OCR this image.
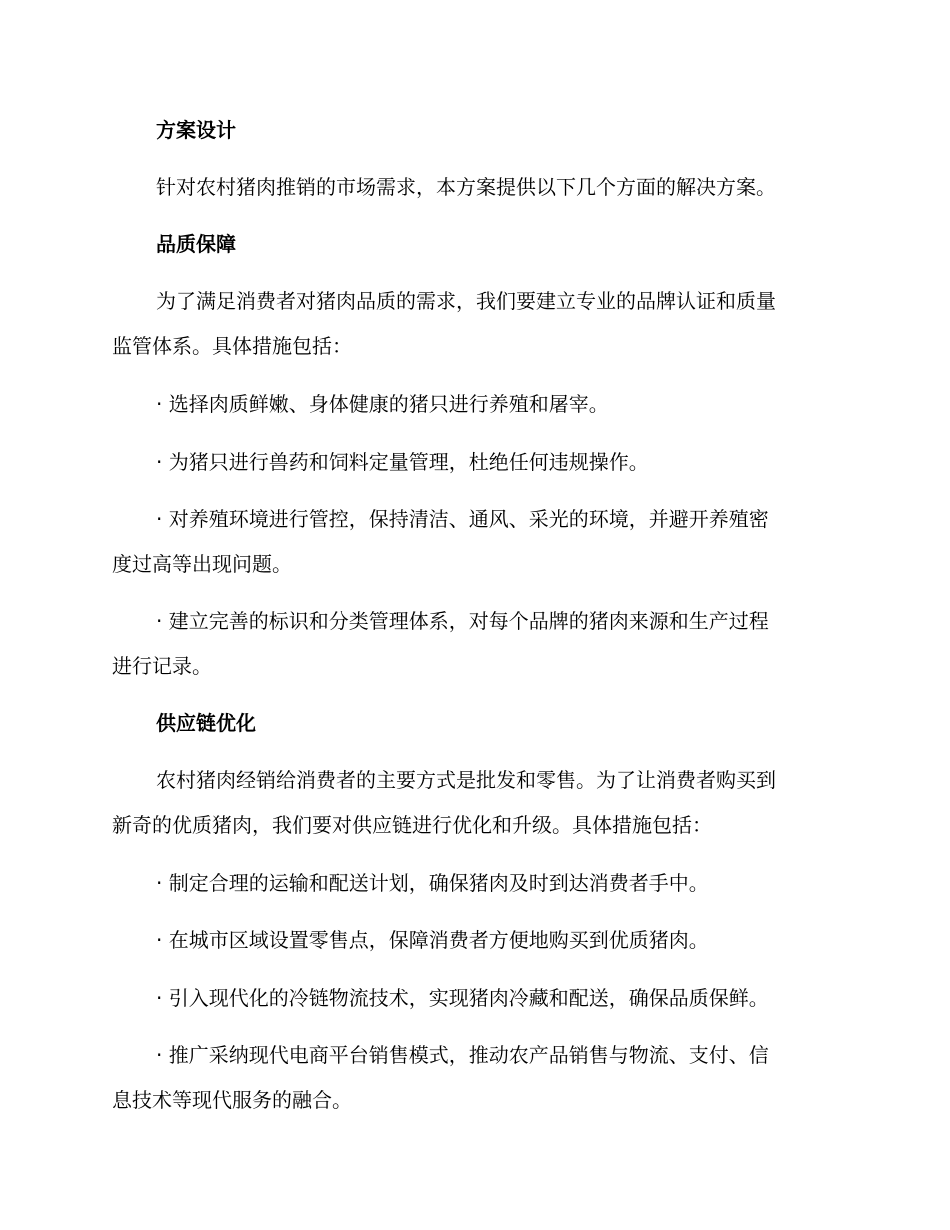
方案设计
针对农村猪肉推销的市场需求，本方案提供以下几个方面的解决方案。
品质保障
为了满足消费者对猪肉品质的需求，我们要建立专业的品牌认证和质量
监管体系。具体措施包括：
· 选择肉质鲜嫩、身体健康的猪只进行养殖和屠宰。
· 为猪只进行兽药和饲料定量管理，杜绝任何违规操作。
· 对养殖环境进行管控，保持清洁、通风、采光的环境，并避开养殖密
度过高等出现问题。
· 建立完善的标识和分类管理体系，对每个品牌的猪肉来源和生产过程
进行记录。
供应链优化
农村猪肉经销给消费者的主要方式是批发和零售。为了让消费者购买到
新奇的优质猪肉，我们要对供应链进行优化和升级。具体措施包括：
· 制定合理的运输和配送计划，确保猪肉及时到达消费者手中。
· 在城市区域设置零售点，保障消费者方便地购买到优质猪肉。
· 引入现代化的冷链物流技术，实现猪肉冷藏和配送，确保品质保鲜。
· 推广采纳现代电商平台销售模式，推动农产品销售与物流、支付、信
息技术等现代服务的融合。
